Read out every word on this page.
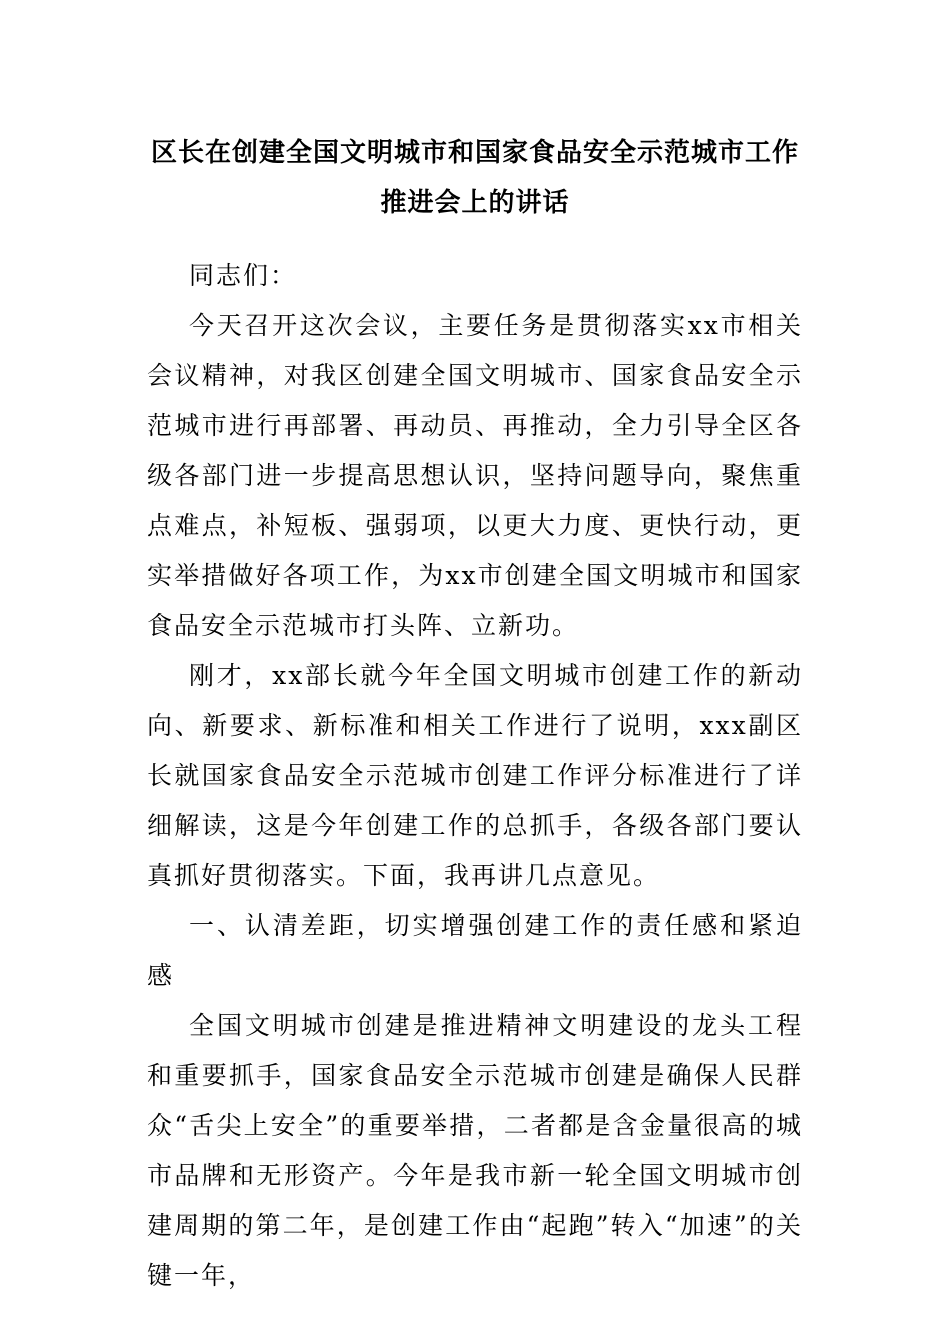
区长在创建全国文明城市和国家食品安全示范城市工作推进会上的讲话

同志们：

今天召开这次会议，主要任务是贯彻落实xx市相关会议精神，对我区创建全国文明城市、国家食品安全示范城市进行再部署、再动员、再推动，全力引导全区各级各部门进一步提高思想认识，坚持问题导向，聚焦重点难点，补短板、强弱项，以更大力度、更快行动，更实举措做好各项工作，为xx市创建全国文明城市和国家食品安全示范城市打头阵、立新功。

刚才，xx部长就今年全国文明城市创建工作的新动向、新要求、新标准和相关工作进行了说明，xxx副区长就国家食品安全示范城市创建工作评分标准进行了详细解读，这是今年创建工作的总抓手，各级各部门要认真抓好贯彻落实。下面，我再讲几点意见。

一、认清差距，切实增强创建工作的责任感和紧迫感

全国文明城市创建是推进精神文明建设的龙头工程和重要抓手，国家食品安全示范城市创建是确保人民群众“舌尖上安全”的重要举措，二者都是含金量很高的城市品牌和无形资产。今年是我市新一轮全国文明城市创建周期的第二年，是创建工作由“起跑”转入“加速”的关键一年，
